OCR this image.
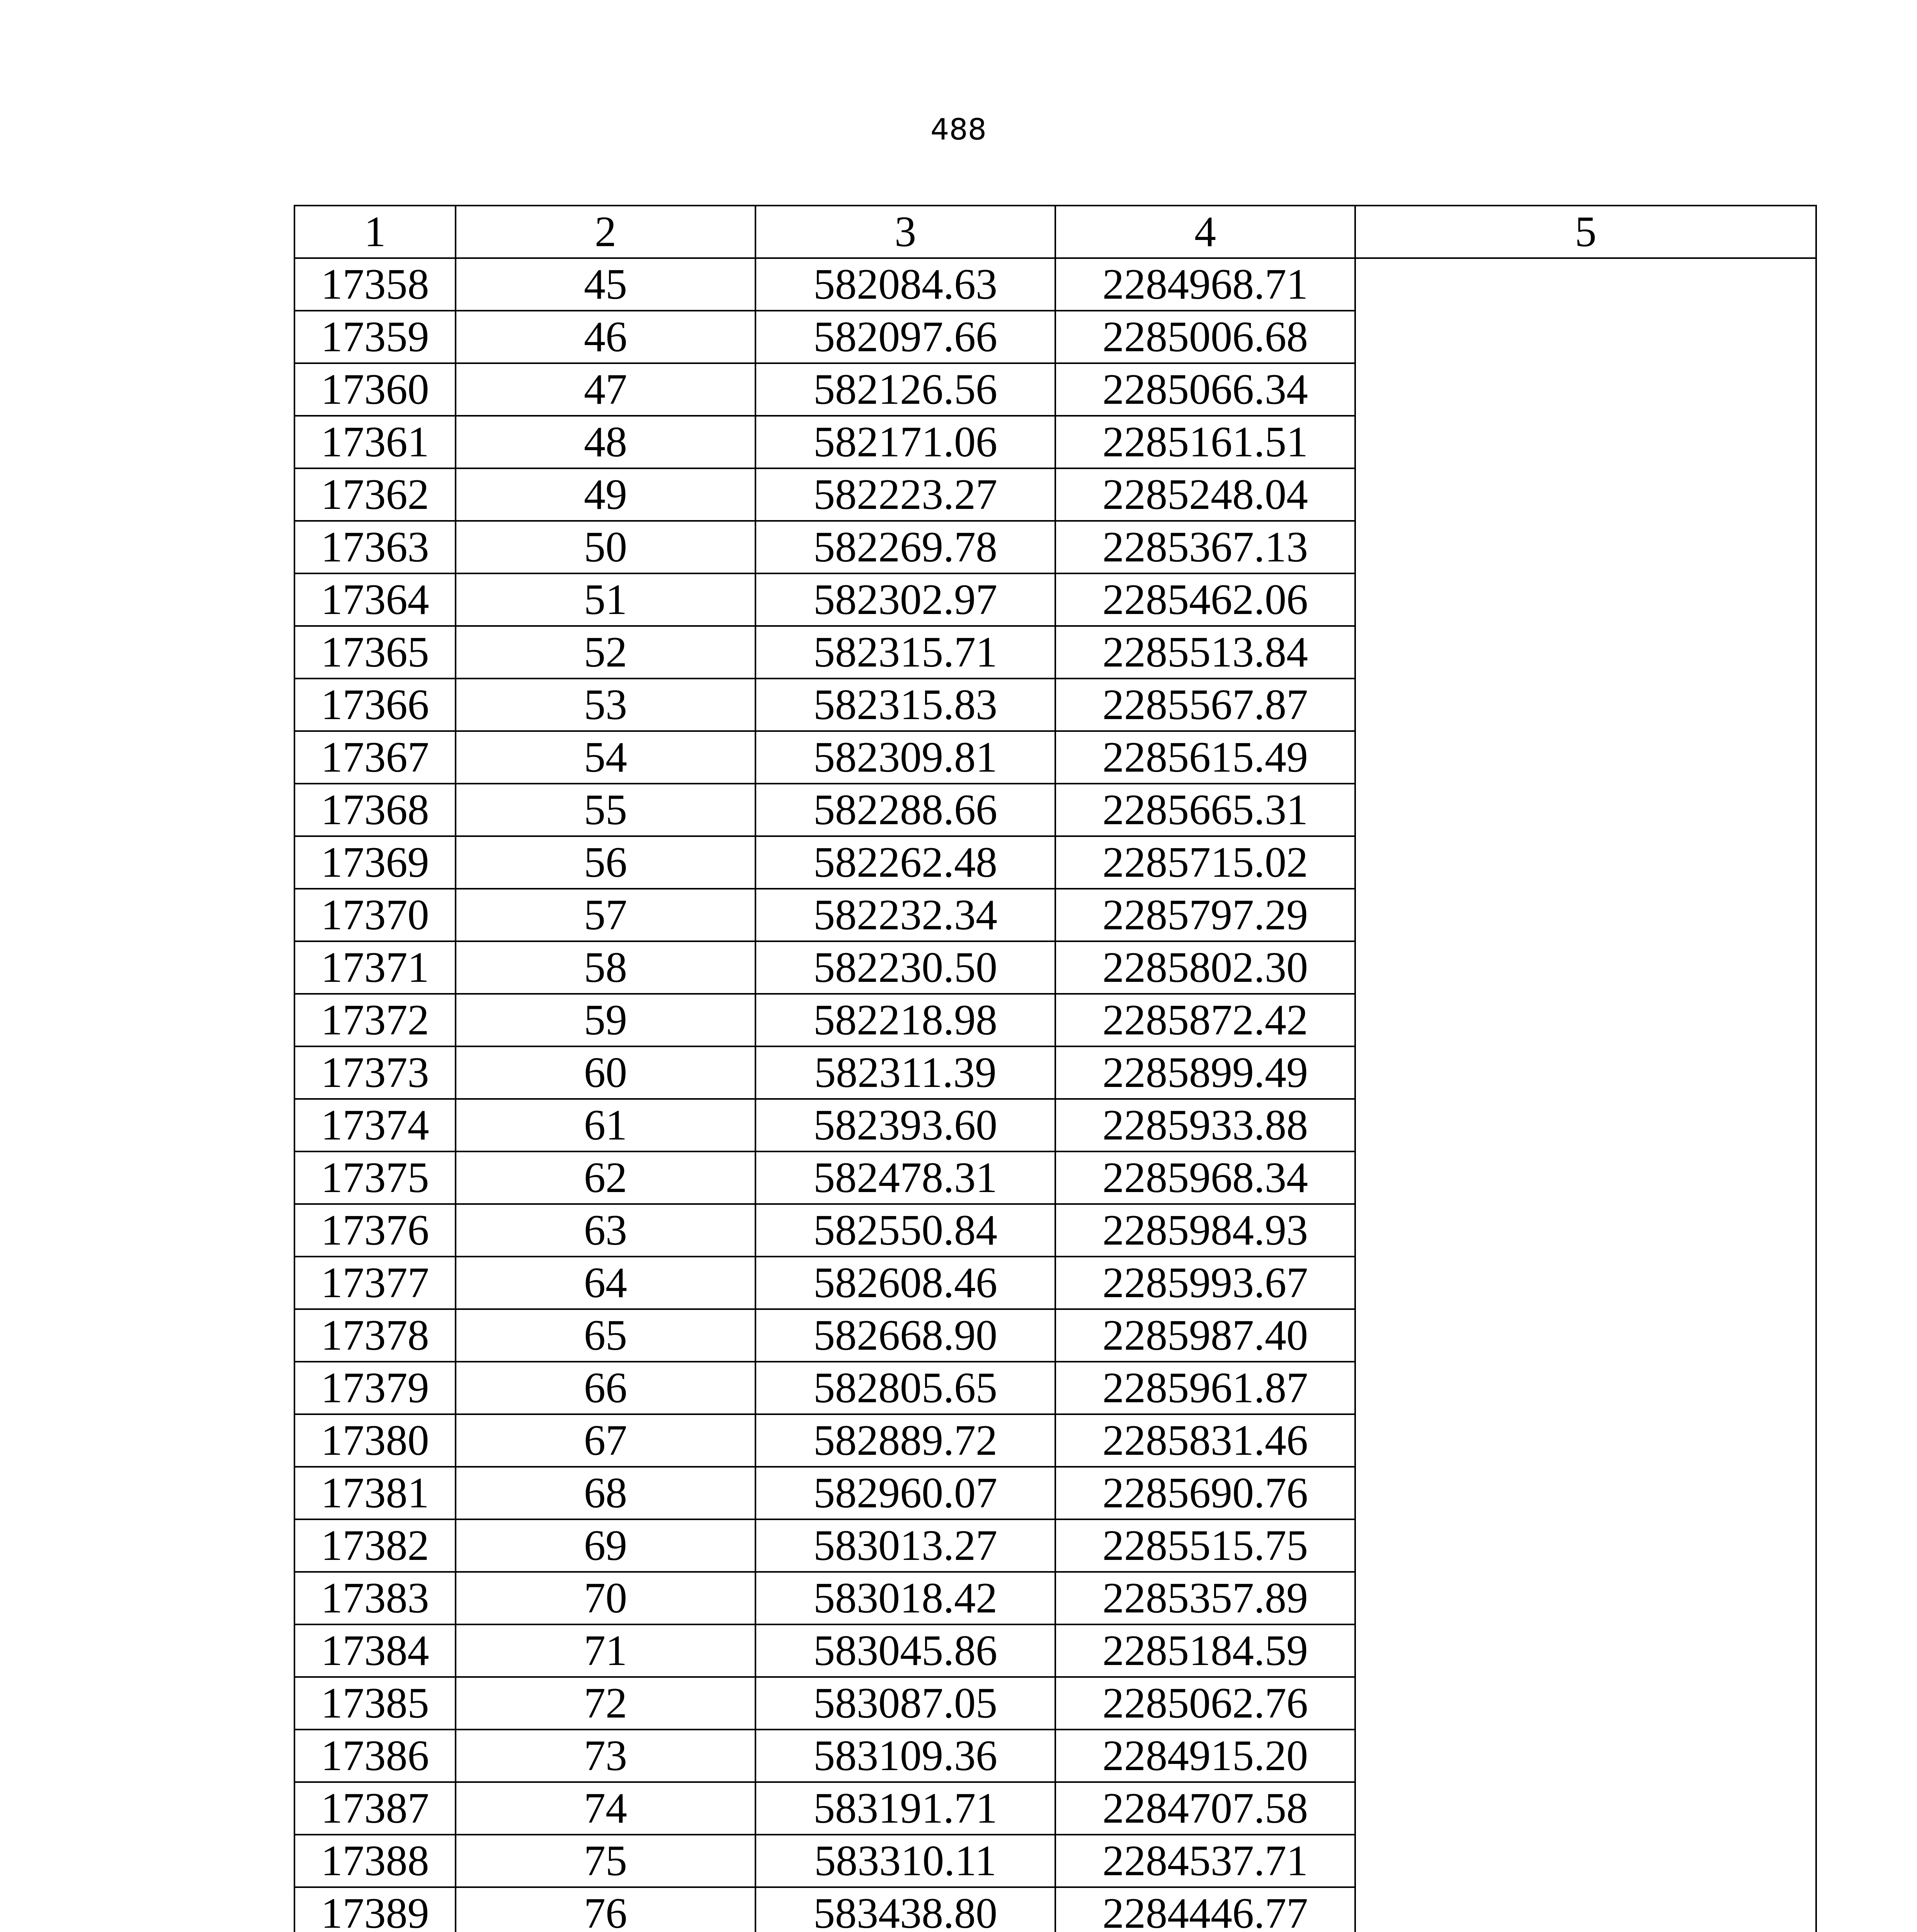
488
1	2	3	4	5
17358	45	582084.63	2284968.71	
17359	46	582097.66	2285006.68	
17360	47	582126.56	2285066.34	
17361	48	582171.06	2285161.51	
17362	49	582223.27	2285248.04	
17363	50	582269.78	2285367.13	
17364	51	582302.97	2285462.06	
17365	52	582315.71	2285513.84	
17366	53	582315.83	2285567.87	
17367	54	582309.81	2285615.49	
17368	55	582288.66	2285665.31	
17369	56	582262.48	2285715.02	
17370	57	582232.34	2285797.29	
17371	58	582230.50	2285802.30	
17372	59	582218.98	2285872.42	
17373	60	582311.39	2285899.49	
17374	61	582393.60	2285933.88	
17375	62	582478.31	2285968.34	
17376	63	582550.84	2285984.93	
17377	64	582608.46	2285993.67	
17378	65	582668.90	2285987.40	
17379	66	582805.65	2285961.87	
17380	67	582889.72	2285831.46	
17381	68	582960.07	2285690.76	
17382	69	583013.27	2285515.75	
17383	70	583018.42	2285357.89	
17384	71	583045.86	2285184.59	
17385	72	583087.05	2285062.76	
17386	73	583109.36	2284915.20	
17387	74	583191.71	2284707.58	
17388	75	583310.11	2284537.71	
17389	76	583438.80	2284446.77	
